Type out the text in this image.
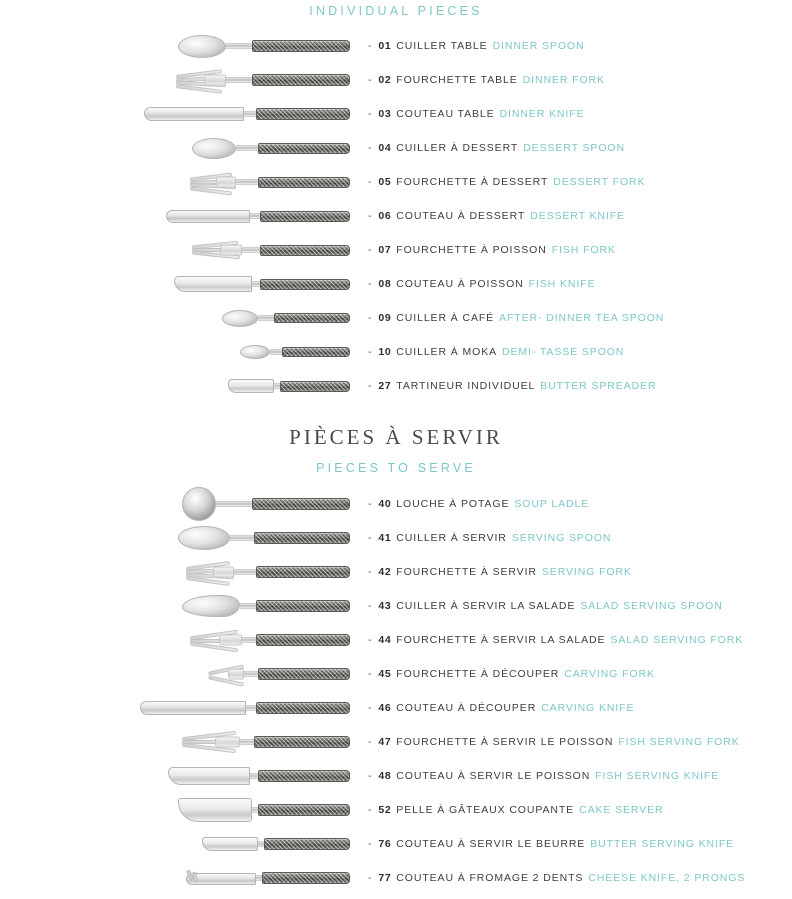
INDIVIDUAL PIECES
- 01 CUILLER TABLE DINNER SPOON
- 02 FOURCHETTE TABLE DINNER FORK
- 03 COUTEAU TABLE DINNER KNIFE
- 04 CUILLER À DESSERT DESSERT SPOON
- 05 FOURCHETTE À DESSERT DESSERT FORK
- 06 COUTEAU À DESSERT DESSERT KNIFE
- 07 FOURCHETTE À POISSON FISH FORK
- 08 COUTEAU À POISSON FISH KNIFE
- 09 CUILLER À CAFÉ AFTER- DINNER TEA SPOON
- 10 CUILLER À MOKA DEMI- TASSE SPOON
- 27 TARTINEUR INDIVIDUEL BUTTER SPREADER
PIÈCES À SERVIR
PIECES TO SERVE
- 40 LOUCHE À POTAGE SOUP LADLE
- 41 CUILLER À SERVIR SERVING SPOON
- 42 FOURCHETTE À SERVIR SERVING FORK
- 43 CUILLER À SERVIR LA SALADE SALAD SERVING SPOON
- 44 FOURCHETTE À SERVIR LA SALADE SALAD SERVING FORK
- 45 FOURCHETTE À DÉCOUPER CARVING FORK
- 46 COUTEAU À DÉCOUPER CARVING KNIFE
- 47 FOURCHETTE À SERVIR LE POISSON FISH SERVING FORK
- 48 COUTEAU À SERVIR LE POISSON FISH SERVING KNIFE
- 52 PELLE À GÂTEAUX COUPANTE CAKE SERVER
- 76 COUTEAU À SERVIR LE BEURRE BUTTER SERVING KNIFE
- 77 COUTEAU À FROMAGE 2 DENTS CHEESE KNIFE, 2 PRONGS
